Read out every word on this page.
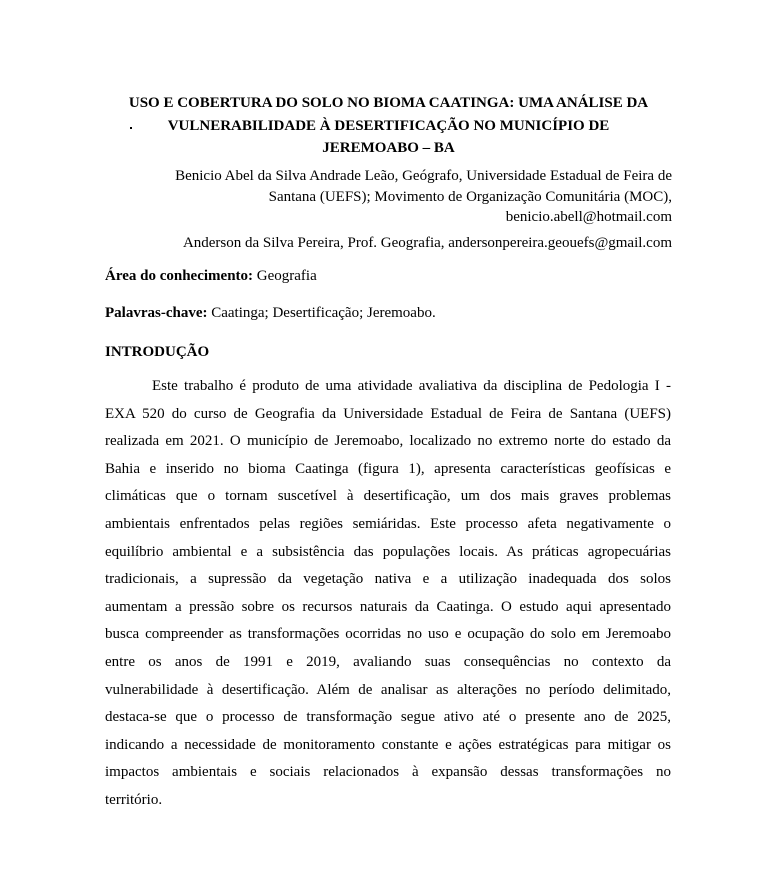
USO E COBERTURA DO SOLO NO BIOMA CAATINGA: UMA ANÁLISE DA
VULNERABILIDADE À DESERTIFICAÇÃO NO MUNICÍPIO DE
JEREMOABO – BA
Benicio Abel da Silva Andrade Leão, Geógrafo, Universidade Estadual de Feira de
Santana (UEFS); Movimento de Organização Comunitária (MOC),
benicio.abell@hotmail.com
Anderson da Silva Pereira, Prof. Geografia, andersonpereira.geouefs@gmail.com
Área do conhecimento: Geografia
Palavras-chave: Caatinga; Desertificação; Jeremoabo.
INTRODUÇÃO
Este trabalho é produto de uma atividade avaliativa da disciplina de Pedologia I -
EXA 520 do curso de Geografia da Universidade Estadual de Feira de Santana (UEFS)
realizada em 2021. O município de Jeremoabo, localizado no extremo norte do estado da
Bahia e inserido no bioma Caatinga (figura 1), apresenta características geofísicas e
climáticas que o tornam suscetível à desertificação, um dos mais graves problemas
ambientais enfrentados pelas regiões semiáridas. Este processo afeta negativamente o
equilíbrio ambiental e a subsistência das populações locais. As práticas agropecuárias
tradicionais, a supressão da vegetação nativa e a utilização inadequada dos solos
aumentam a pressão sobre os recursos naturais da Caatinga. O estudo aqui apresentado
busca compreender as transformações ocorridas no uso e ocupação do solo em Jeremoabo
entre os anos de 1991 e 2019, avaliando suas consequências no contexto da
vulnerabilidade à desertificação. Além de analisar as alterações no período delimitado,
destaca-se que o processo de transformação segue ativo até o presente ano de 2025,
indicando a necessidade de monitoramento constante e ações estratégicas para mitigar os
impactos ambientais e sociais relacionados à expansão dessas transformações no
território.
